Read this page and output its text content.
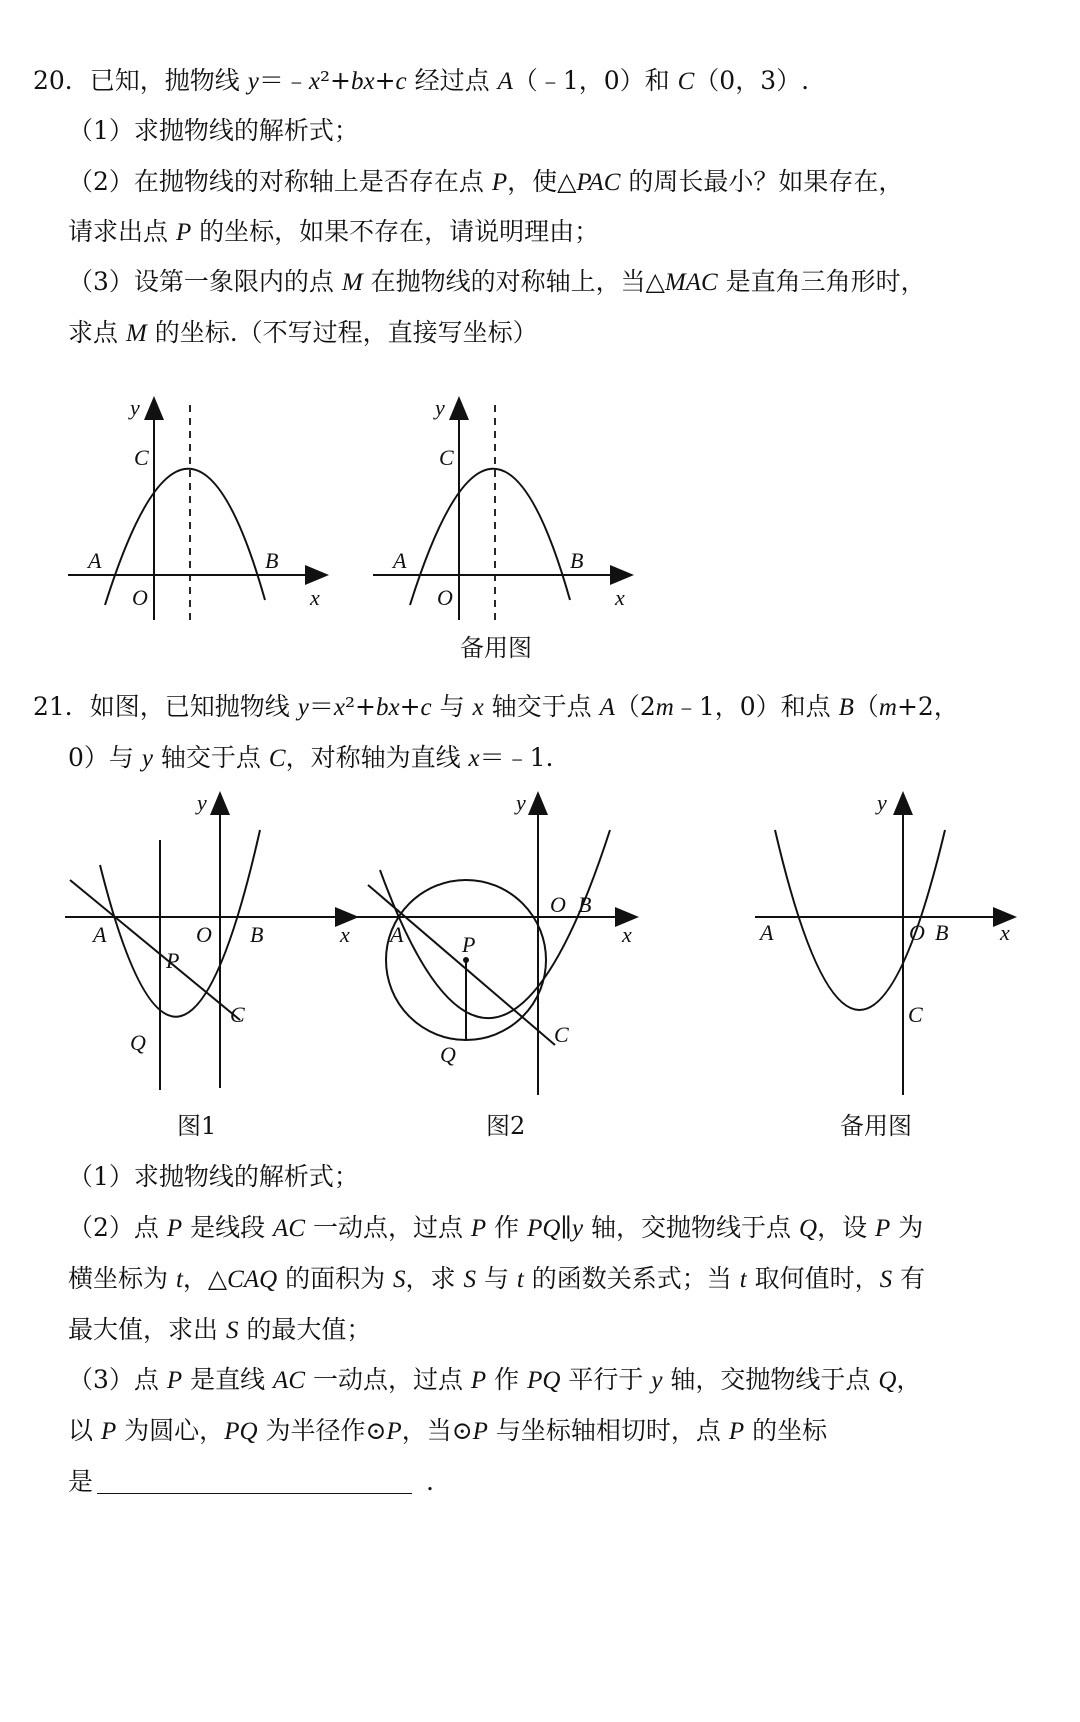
20．已知，抛物线 y＝﹣x²+bx+c 经过点 A（﹣1，0）和 C（0，3）.
（1）求抛物线的解析式；
（2）在抛物线的对称轴上是否存在点 P，使△PAC 的周长最小？如果存在，
请求出点 P 的坐标，如果不存在，请说明理由；
（3）设第一象限内的点 M 在抛物线的对称轴上，当△MAC 是直角三角形时，
求点 M 的坐标.（不写过程，直接写坐标）
y
C
A	B
O	x
y
C
A	B
O	x
备用图
21．如图，已知抛物线 y＝x²+bx+c 与 x 轴交于点 A（2m﹣1，0）和点 B（m+2，
0）与 y 轴交于点 C，对称轴为直线 x＝﹣1.
y
A	O B	x
P
C
Q
图1
y
A
O B
x
P
C
Q
图2
y
A	O B x
C
备用图
（1）求抛物线的解析式；
（2）点 P 是线段 AC 一动点，过点 P 作 PQ∥y 轴，交抛物线于点 Q，设 P 为
横坐标为 t，△CAQ 的面积为 S，求 S 与 t 的函数关系式；当 t 取何值时，S 有
最大值，求出 S 的最大值；
（3）点 P 是直线 AC 一动点，过点 P 作 PQ 平行于 y 轴，交抛物线于点 Q，
以 P 为圆心，PQ 为半径作⊙P，当⊙P 与坐标轴相切时，点 P 的坐标
是	.
